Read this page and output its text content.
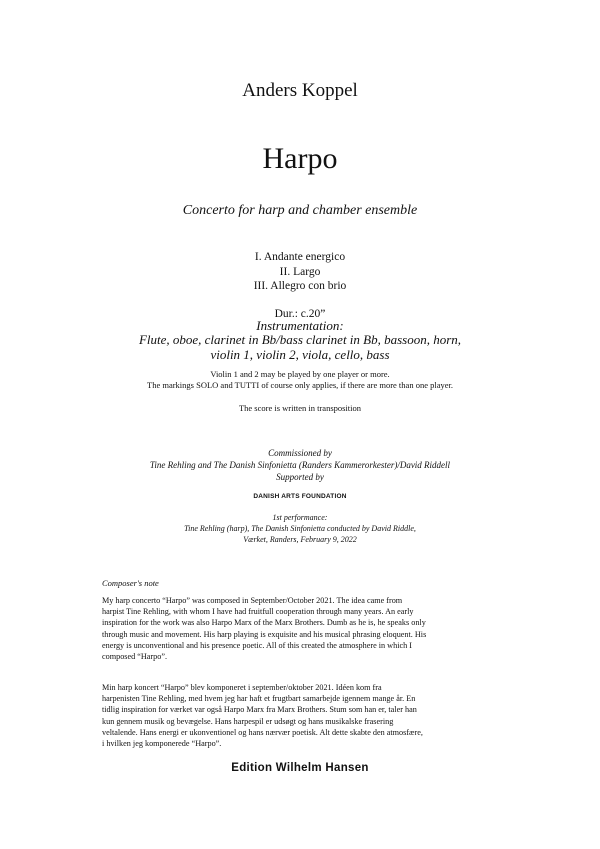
Anders Koppel
Harpo
Concerto for harp and chamber ensemble
I. Andante energico
II. Largo
III. Allegro con brio
Dur.: c.20”
Instrumentation:
Flute, oboe, clarinet in Bb/bass clarinet in Bb, bassoon, horn,
violin 1, violin 2, viola, cello, bass
Violin 1 and 2 may be played by one player or more.
The markings SOLO and TUTTI of course only applies, if there are more than one player.
The score is written in transposition
Commissioned by
Tine Rehling and The Danish Sinfonietta (Randers Kammerorkester)/David Riddell
Supported by
DANISH ARTS FOUNDATION
1st performance:
Tine Rehling (harp), The Danish Sinfonietta conducted by David Riddle,
Værket, Randers, February 9, 2022
Composer's note
My harp concerto “Harpo” was composed in September/October 2021. The idea came from
harpist Tine Rehling, with whom I have had fruitfull cooperation through many years. An early
inspiration for the work was also Harpo Marx of the Marx Brothers. Dumb as he is, he speaks only
through music and movement. His harp playing is exquisite and his musical phrasing eloquent. His
energy is unconventional and his presence poetic. All of this created the atmosphere in which I
composed “Harpo”.
Min harp koncert “Harpo” blev komponeret i september/oktober 2021. Idéen kom fra
harpenisten Tine Rehling, med hvem jeg har haft et frugtbart samarbejde igennem mange år. En
tidlig inspiration for værket var også Harpo Marx fra Marx Brothers. Stum som han er, taler han
kun gennem musik og bevægelse. Hans harpespil er udsøgt og hans musikalske frasering
veltalende. Hans energi er ukonventionel og hans nærvær poetisk. Alt dette skabte den atmosfære,
i hvilken jeg komponerede “Harpo”.
Edition Wilhelm Hansen
